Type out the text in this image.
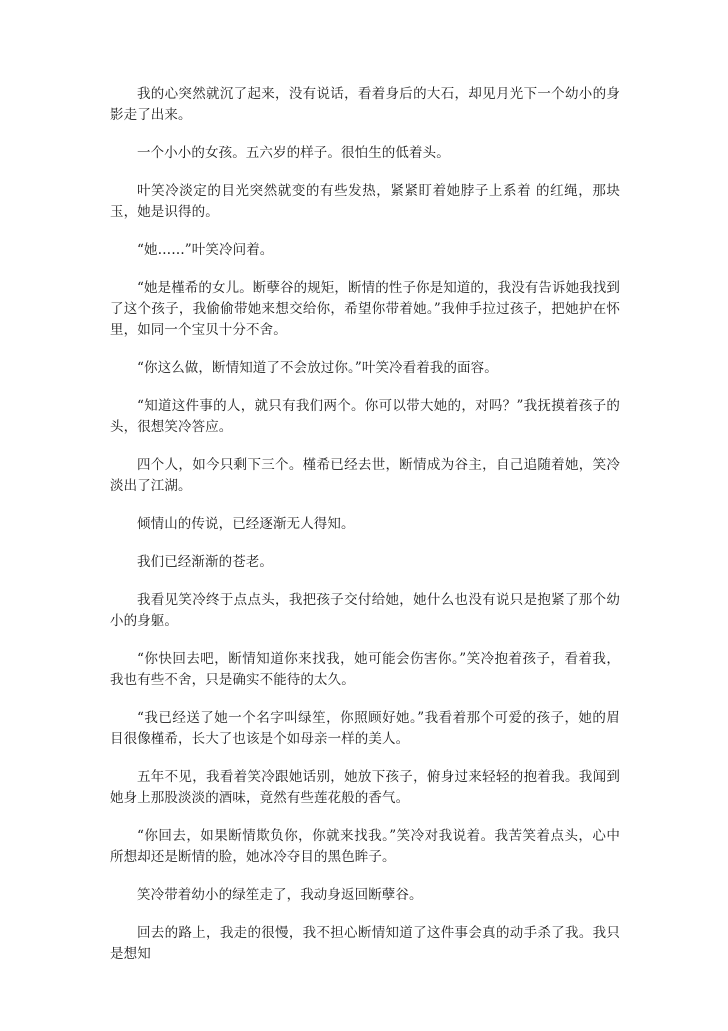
我的心突然就沉了起来，没有说话，看着身后的大石，却见月光下一个幼小的身影走了出来。

一个小小的女孩。五六岁的样子。很怕生的低着头。

叶笑冷淡定的目光突然就变的有些发热，紧紧盯着她脖子上系着 的红绳，那块玉，她是识得的。

“她……”叶笑冷问着。

“她是槿希的女儿。断孽谷的规矩，断情的性子你是知道的，我没有告诉她我找到了这个孩子，我偷偷带她来想交给你，希望你带着她。”我伸手拉过孩子，把她护在怀里，如同一个宝贝十分不舍。

“你这么做，断情知道了不会放过你。”叶笑冷看着我的面容。

“知道这件事的人，就只有我们两个。你可以带大她的，对吗？”我抚摸着孩子的头，很想笑冷答应。

四个人，如今只剩下三个。槿希已经去世，断情成为谷主，自己追随着她，笑冷淡出了江湖。

倾情山的传说，已经逐渐无人得知。

我们已经渐渐的苍老。

我看见笑冷终于点点头，我把孩子交付给她，她什么也没有说只是抱紧了那个幼小的身躯。

“你快回去吧，断情知道你来找我，她可能会伤害你。”笑冷抱着孩子，看着我，我也有些不舍，只是确实不能待的太久。

“我已经送了她一个名字叫绿笙，你照顾好她。”我看着那个可爱的孩子，她的眉目很像槿希，长大了也该是个如母亲一样的美人。

五年不见，我看着笑冷跟她话别，她放下孩子，俯身过来轻轻的抱着我。我闻到她身上那股淡淡的酒味，竟然有些莲花般的香气。

“你回去，如果断情欺负你，你就来找我。”笑冷对我说着。我苦笑着点头，心中所想却还是断情的脸，她冰冷夺目的黑色眸子。

笑冷带着幼小的绿笙走了，我动身返回断孽谷。

回去的路上，我走的很慢，我不担心断情知道了这件事会真的动手杀了我。我只是想知
